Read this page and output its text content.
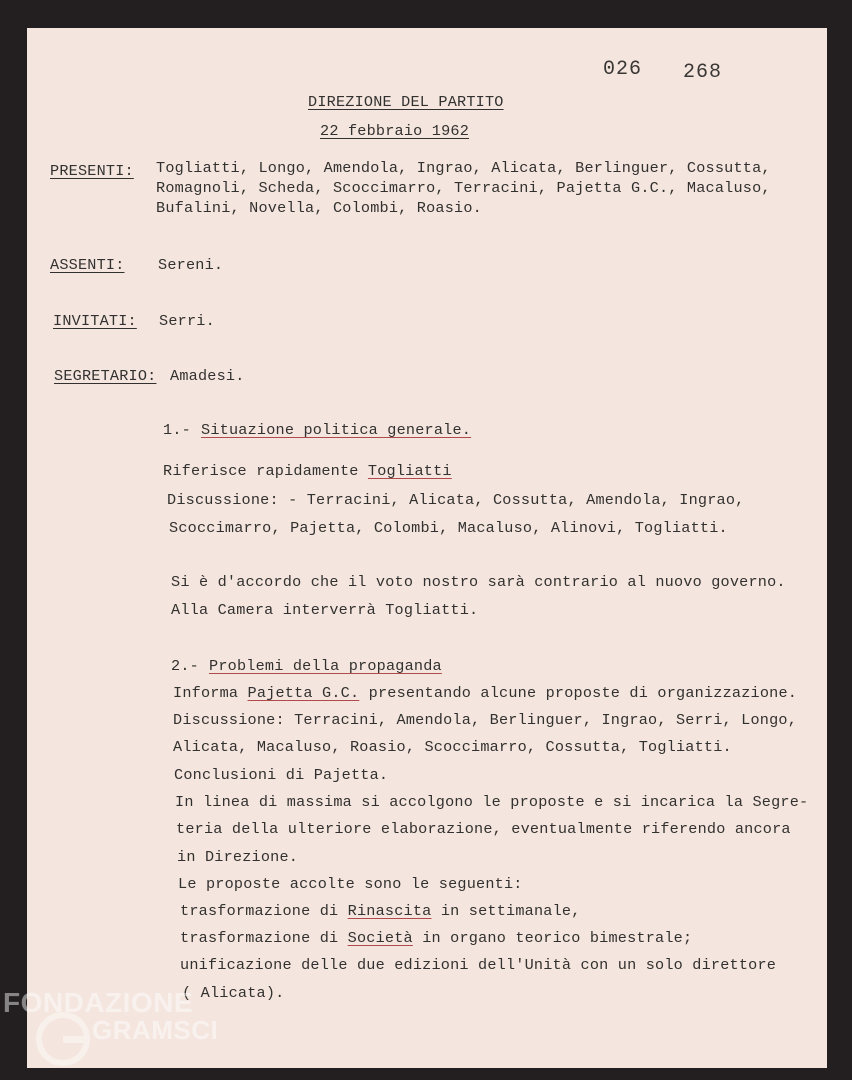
026 268
DIREZIONE DEL PARTITO
22 febbraio 1962
PRESENTI: Togliatti, Longo, Amendola, Ingrao, Alicata, Berlinguer, Cossutta,
Romagnoli, Scheda, Scoccimarro, Terracini, Pajetta G.C., Macaluso,
Bufalini, Novella, Colombi, Roasio.
ASSENTI: Sereni.
INVITATI: Serri.
SEGRETARIO: Amadesi.
1.- Situazione politica generale.
Riferisce rapidamente Togliatti
Discussione: - Terracini, Alicata, Cossutta, Amendola, Ingrao,
Scoccimarro, Pajetta, Colombi, Macaluso, Alinovi, Togliatti.
Si è d'accordo che il voto nostro sarà contrario al nuovo governo.
Alla Camera interverrà Togliatti.
2.- Problemi della propaganda
Informa Pajetta G.C. presentando alcune proposte di organizzazione.
Discussione: Terracini, Amendola, Berlinguer, Ingrao, Serri, Longo,
Alicata, Macaluso, Roasio, Scoccimarro, Cossutta, Togliatti.
Conclusioni di Pajetta.
In linea di massima si accolgono le proposte e si incarica la Segre-
teria della ulteriore elaborazione, eventualmente riferendo ancora
in Direzione.
Le proposte accolte sono le seguenti:
trasformazione di Rinascita in settimanale,
trasformazione di Società in organo teorico bimestrale;
unificazione delle due edizioni dell'Unità con un solo direttore
( Alicata).
FONDAZIONE
GRAMSCI
